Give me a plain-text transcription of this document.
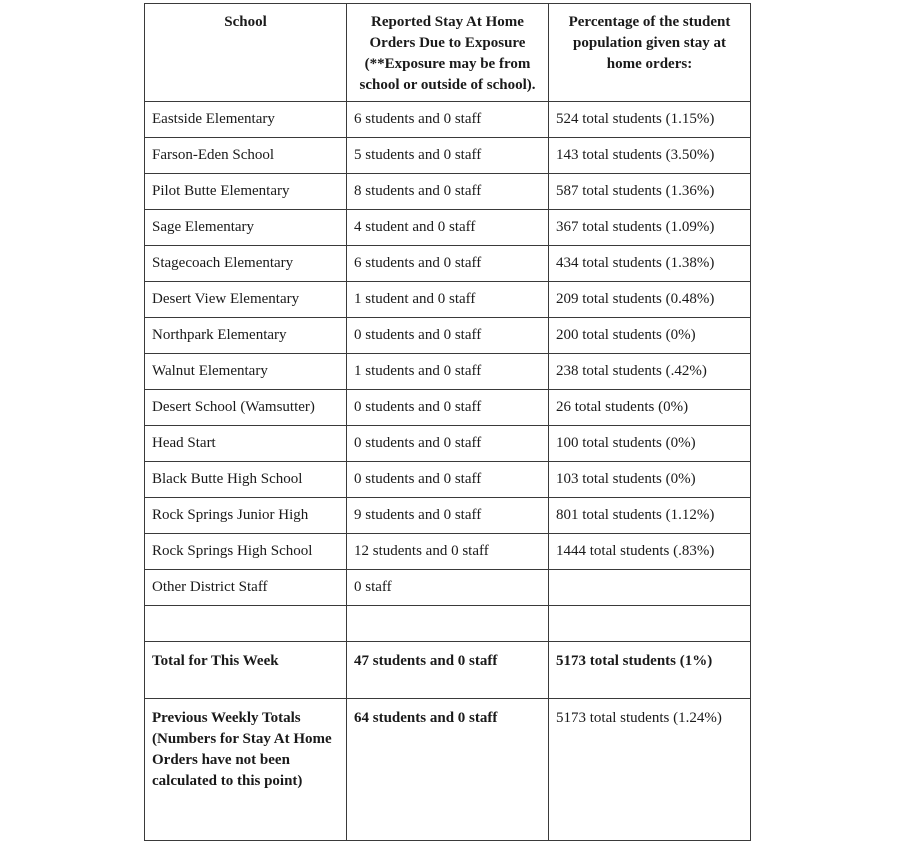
School	Reported Stay At Home Orders Due to Exposure (**Exposure may be from school or outside of school).	Percentage of the student population given stay at home orders:
Eastside Elementary	6 students and 0 staff	524 total students (1.15%)
Farson-Eden School	5 students and 0 staff	143 total students (3.50%)
Pilot Butte Elementary	8 students and 0 staff	587 total students (1.36%)
Sage Elementary	4 student and 0 staff	367 total students (1.09%)
Stagecoach Elementary	6 students and 0 staff	434 total students (1.38%)
Desert View Elementary	1 student and 0 staff	209 total students (0.48%)
Northpark Elementary	0 students and 0 staff	200 total students (0%)
Walnut Elementary	1 students and 0 staff	238 total students (.42%)
Desert School (Wamsutter)	0 students and 0 staff	26 total students (0%)
Head Start	0 students and 0 staff	100 total students (0%)
Black Butte High School	0 students and 0 staff	103 total students (0%)
Rock Springs Junior High	9 students and 0 staff	801 total students (1.12%)
Rock Springs High School	12 students and 0 staff	1444 total students (.83%)
Other District Staff	0 staff	

Total for This Week	47 students and 0 staff	5173 total students (1%)
Previous Weekly Totals (Numbers for Stay At Home Orders have not been calculated to this point)	64 students and 0 staff	5173 total students (1.24%)
